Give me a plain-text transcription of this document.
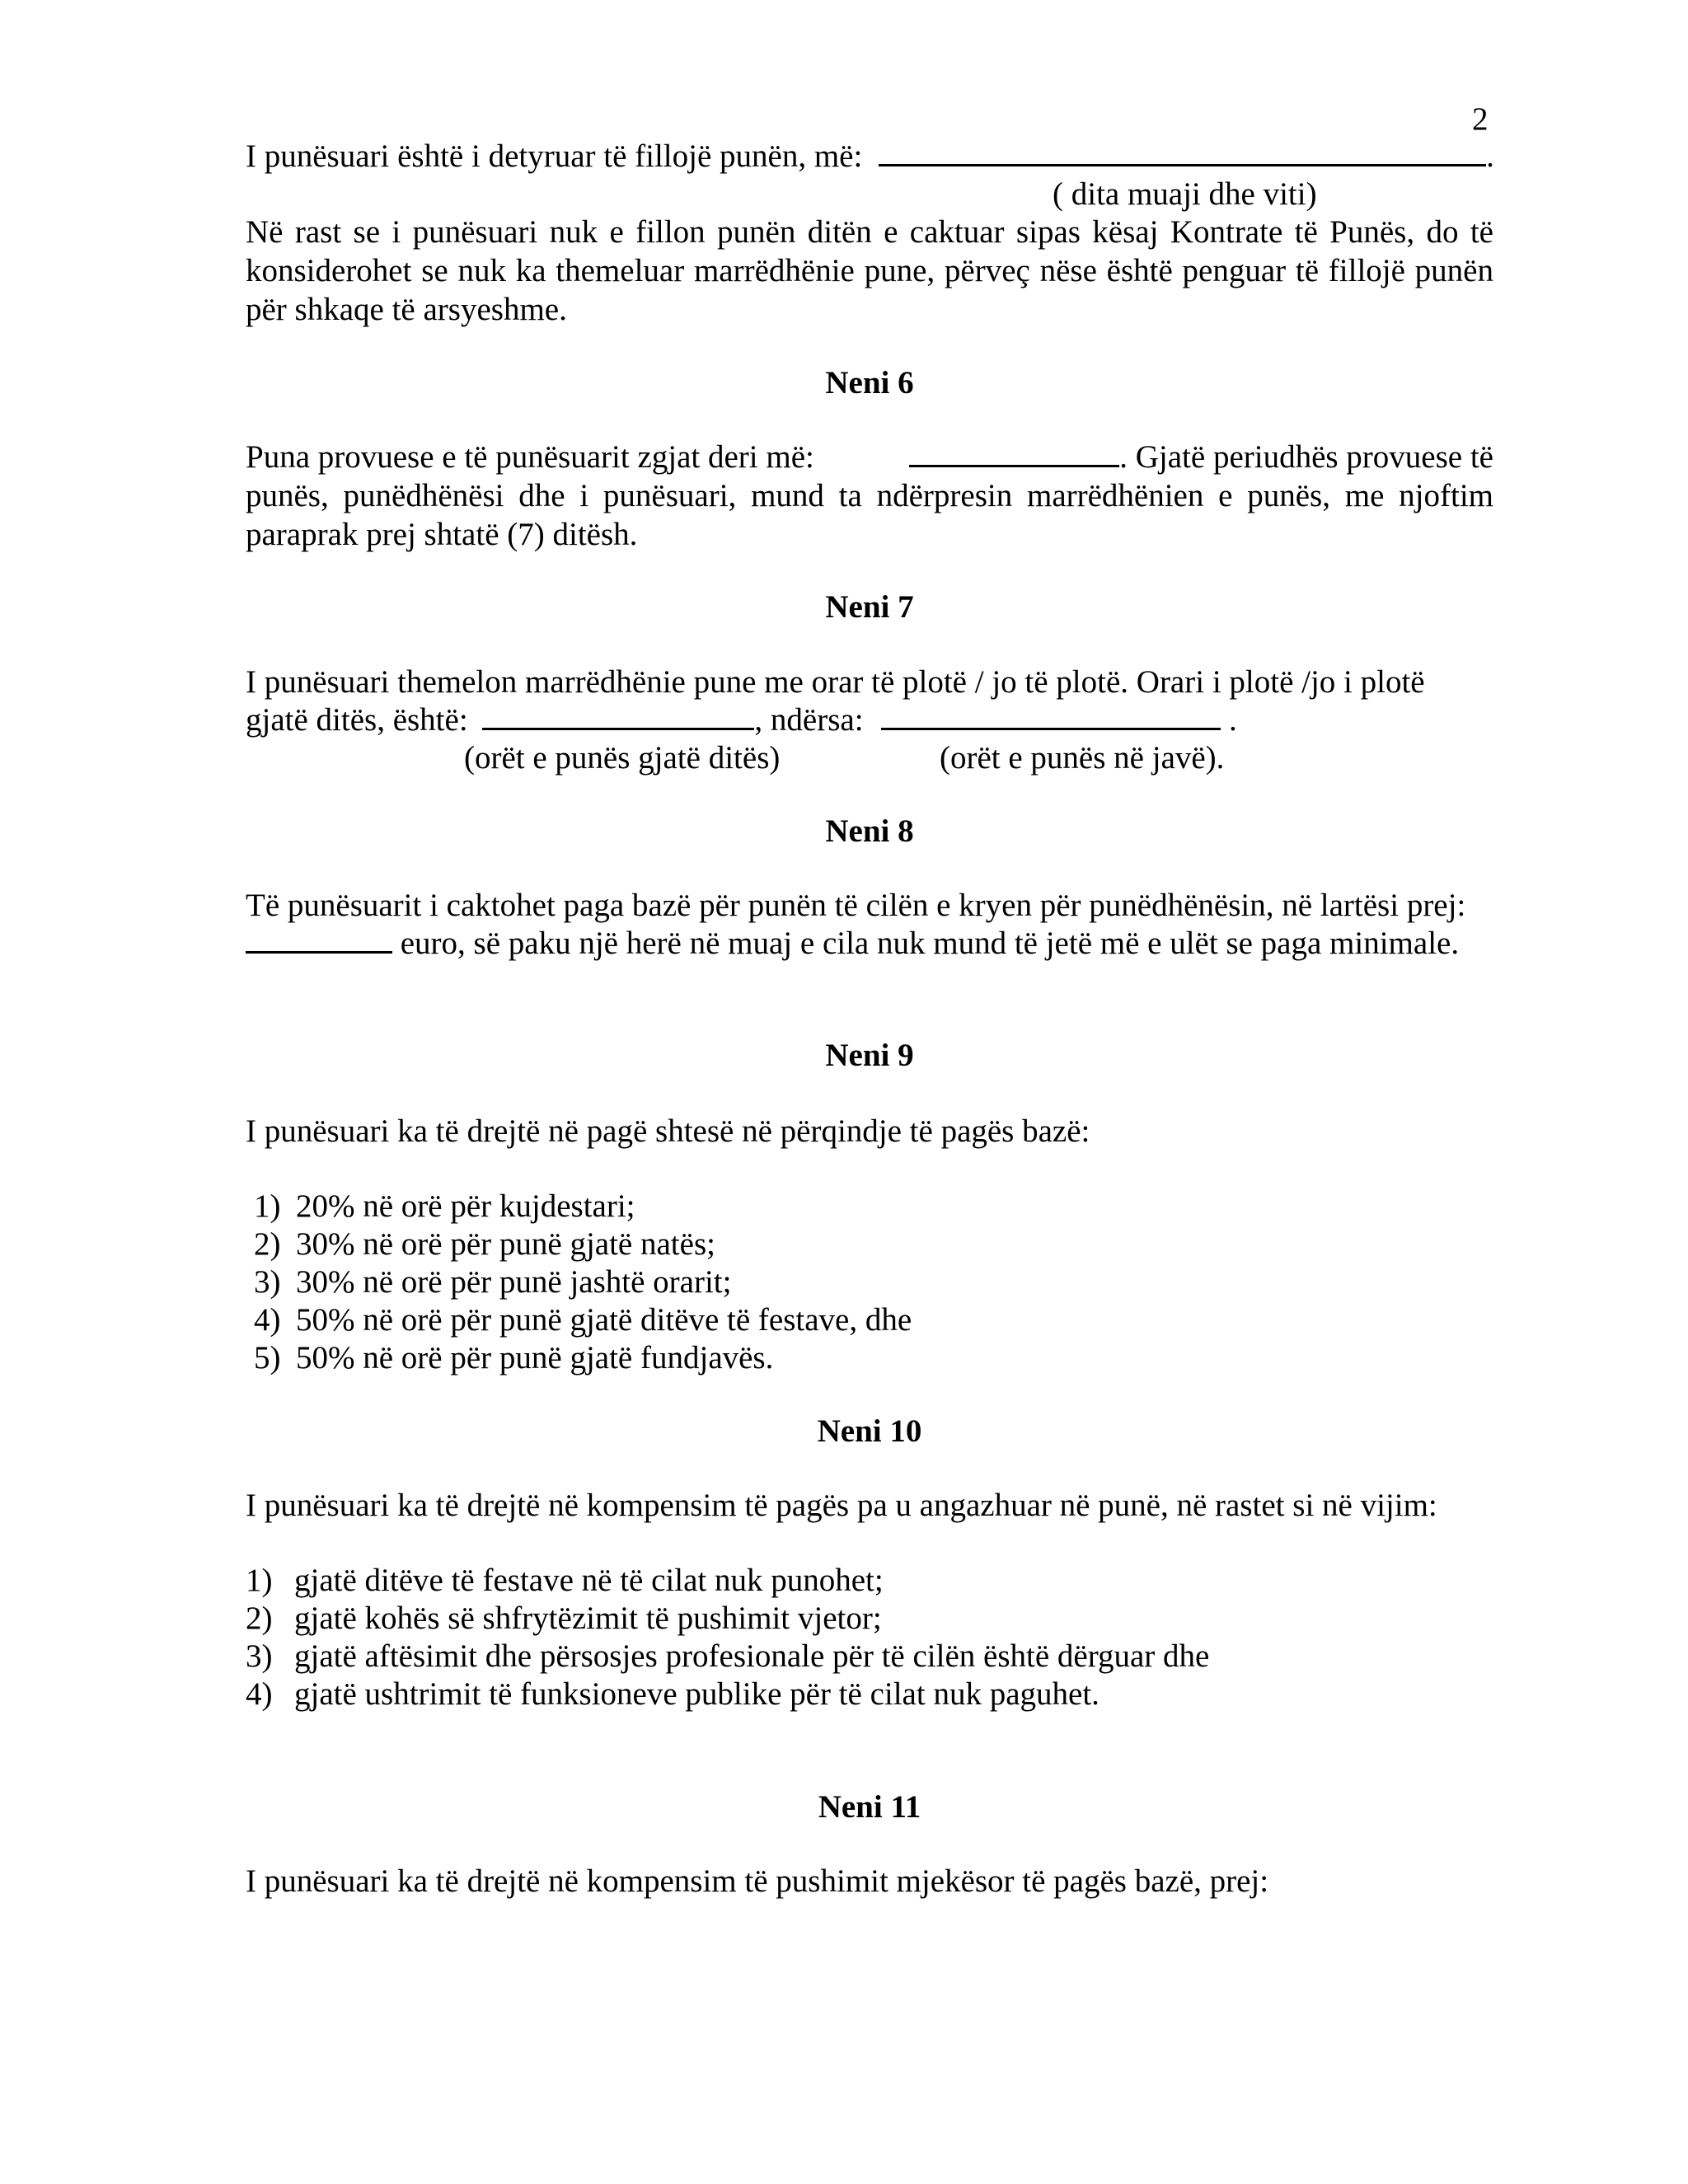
2
I punësuari është i detyruar të fillojë punën, më:	.
( dita muaji dhe viti)
Në rast se i punësuari nuk e fillon punën ditën e caktuar sipas kësaj Kontrate të Punës, do të konsiderohet se nuk ka themeluar marrëdhënie pune, përveç nëse është penguar të fillojë punën për shkaqe të arsyeshme.
Neni 6
Puna provuese e të punësuarit zgjat deri më:	. Gjatë periudhës provuese të
punës, punëdhënësi dhe i punësuari, mund ta ndërpresin marrëdhënien e punës, me njoftim paraprak prej shtatë (7) ditësh.
Neni 7
I punësuari themelon marrëdhënie pune me orar të plotë / jo të plotë. Orari i plotë /jo i plotë
gjatë ditës, është:	, ndërsa:	.
(orët e punës gjatë ditës)	(orët e punës në javë).
Neni 8
Të punësuarit i caktohet paga bazë për punën të cilën e kryen për punëdhënësin, në lartësi prej:
euro, së paku një herë në muaj e cila nuk mund të jetë më e ulët se paga minimale.
Neni 9
I punësuari ka të drejtë në pagë shtesë në përqindje të pagës bazë:
1) 20% në orë për kujdestari;
2) 30% në orë për punë gjatë natës;
3) 30% në orë për punë jashtë orarit;
4) 50% në orë për punë gjatë ditëve të festave, dhe
5) 50% në orë për punë gjatë fundjavës.
Neni 10
I punësuari ka të drejtë në kompensim të pagës pa u angazhuar në punë, në rastet si në vijim:
1) gjatë ditëve të festave në të cilat nuk punohet;
2) gjatë kohës së shfrytëzimit të pushimit vjetor;
3) gjatë aftësimit dhe përsosjes profesionale për të cilën është dërguar dhe
4) gjatë ushtrimit të funksioneve publike për të cilat nuk paguhet.
Neni 11
I punësuari ka të drejtë në kompensim të pushimit mjekësor të pagës bazë, prej:
